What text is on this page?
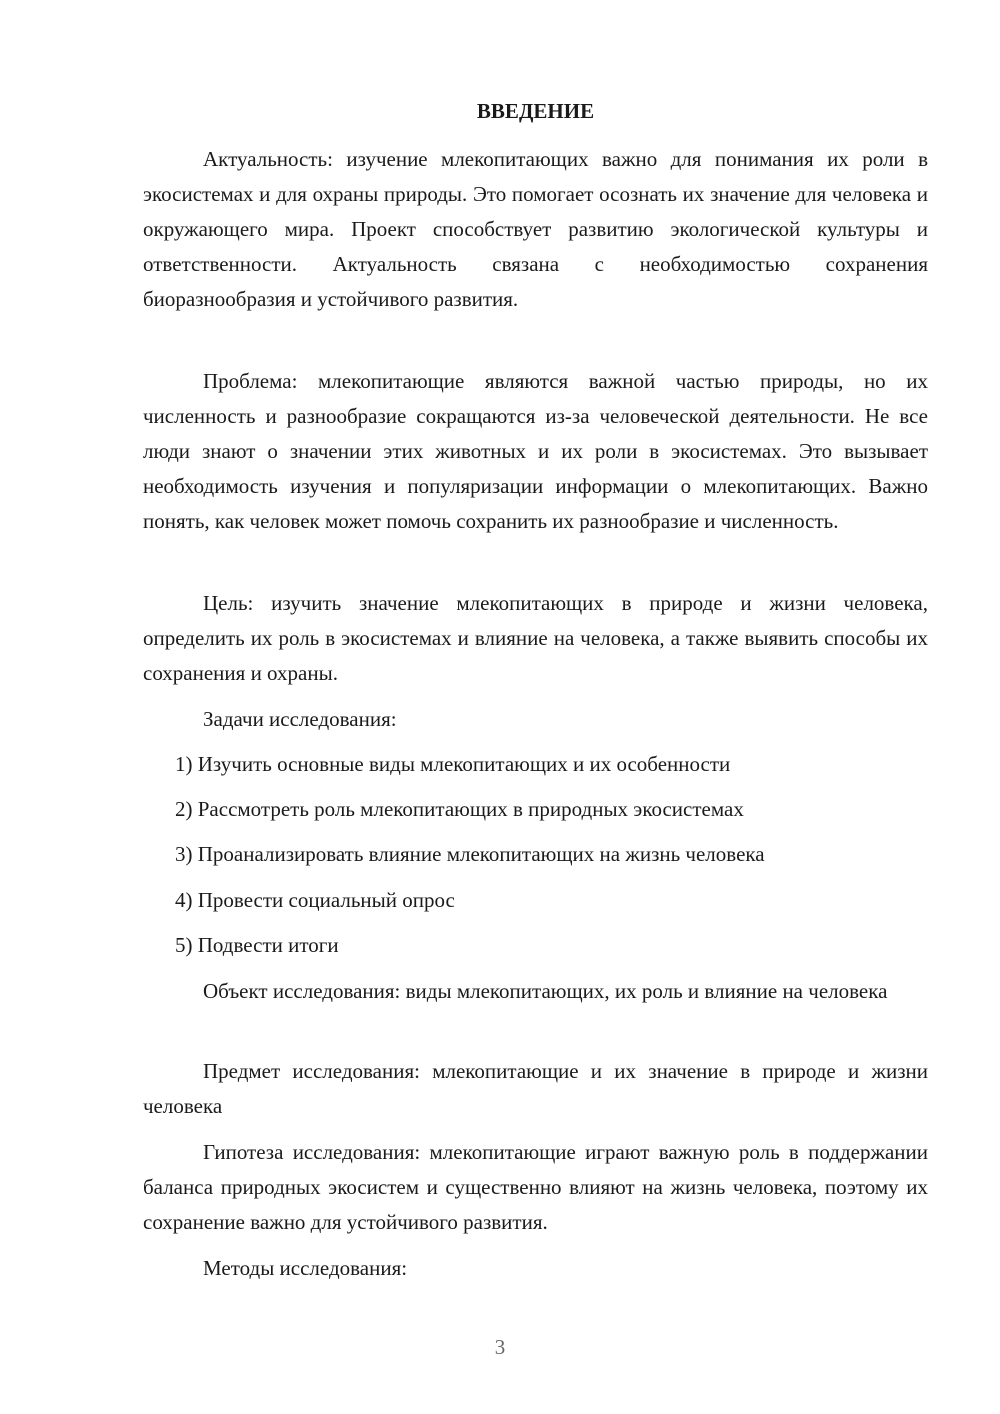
ВВЕДЕНИЕ

Актуальность: изучение млекопитающих важно для понимания их роли в экосистемах и для охраны природы. Это помогает осознать их значение для человека и окружающего мира. Проект способствует развитию экологической культуры и ответственности. Актуальность связана с необходимостью сохранения биоразнообразия и устойчивого развития.

Проблема: млекопитающие являются важной частью природы, но их численность и разнообразие сокращаются из-за человеческой деятельности. Не все люди знают о значении этих животных и их роли в экосистемах. Это вызывает необходимость изучения и популяризации информации о млекопитающих. Важно понять, как человек может помочь сохранить их разнообразие и численность.

Цель: изучить значение млекопитающих в природе и жизни человека, определить их роль в экосистемах и влияние на человека, а также выявить способы их сохранения и охраны.

Задачи исследования:

1) Изучить основные виды млекопитающих и их особенности

2) Рассмотреть роль млекопитающих в природных экосистемах

3) Проанализировать влияние млекопитающих на жизнь человека

4) Провести социальный опрос

5) Подвести итоги

Объект исследования: виды млекопитающих, их роль и влияние на человека

Предмет исследования: млекопитающие и их значение в природе и жизни человека

Гипотеза исследования: млекопитающие играют важную роль в поддержании баланса природных экосистем и существенно влияют на жизнь человека, поэтому их сохранение важно для устойчивого развития.

Методы исследования:

3
